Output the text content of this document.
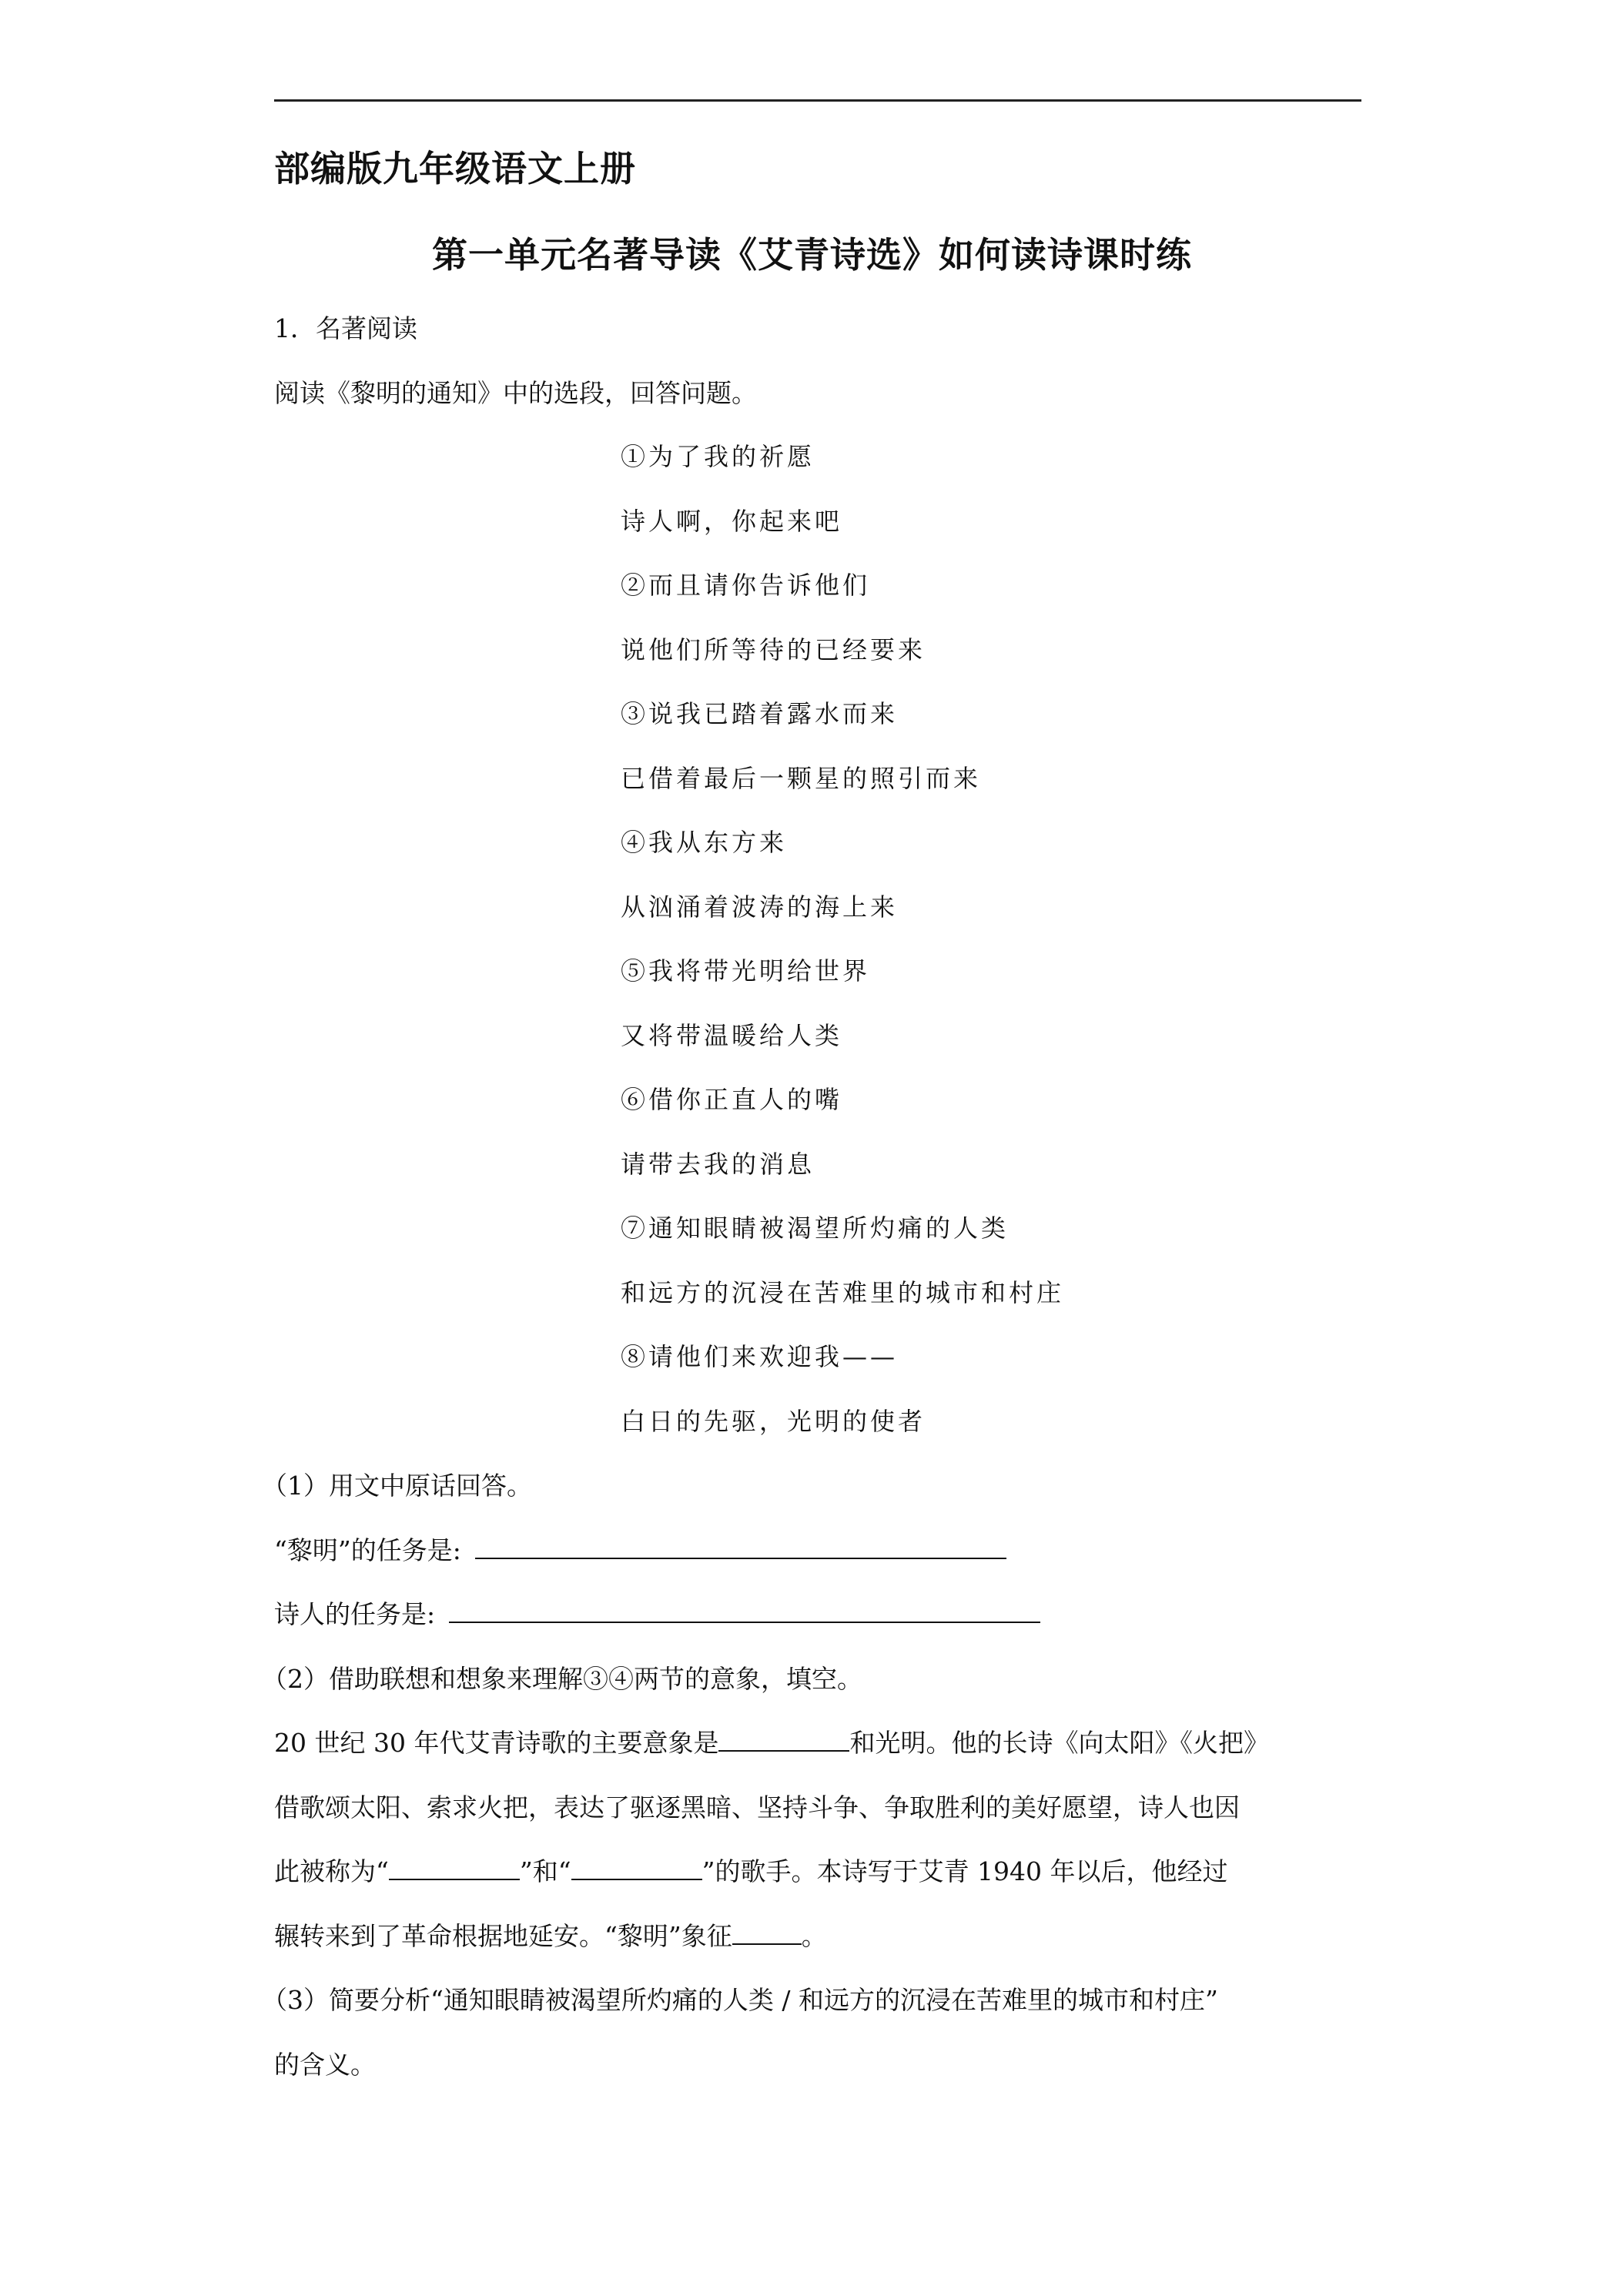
部编版九年级语文上册
第一单元名著导读《艾青诗选》如何读诗课时练
1．名著阅读
阅读《黎明的通知》中的选段，回答问题。
①为了我的祈愿
诗人啊，你起来吧
②而且请你告诉他们
说他们所等待的已经要来
③说我已踏着露水而来
已借着最后一颗星的照引而来
④我从东方来
从汹涌着波涛的海上来
⑤我将带光明给世界
又将带温暖给人类
⑥借你正直人的嘴
请带去我的消息
⑦通知眼睛被渴望所灼痛的人类
和远方的沉浸在苦难里的城市和村庄
⑧请他们来欢迎我——
白日的先驱，光明的使者
（1）用文中原话回答。
“黎明”的任务是:
诗人的任务是:
（2）借助联想和想象来理解③④两节的意象，填空。
20 世纪 30 年代艾青诗歌的主要意象是	和光明。他的长诗《向太阳》《火把》
借歌颂太阳、索求火把，表达了驱逐黑暗、坚持斗争、争取胜利的美好愿望，诗人也因
此被称为“	”和“	”的歌手。本诗写于艾青 1940 年以后，他经过
辗转来到了革命根据地延安。“黎明”象征	。
（3）简要分析“通知眼睛被渴望所灼痛的人类 / 和远方的沉浸在苦难里的城市和村庄”
的含义。
